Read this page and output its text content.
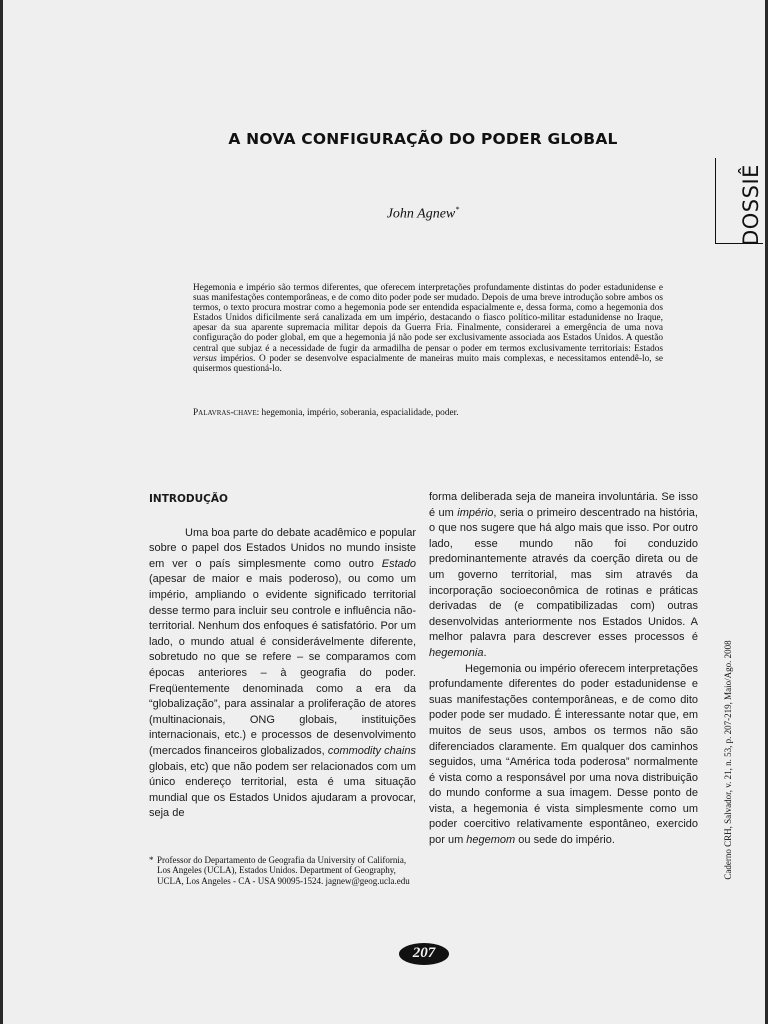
A NOVA CONFIGURAÇÃO DO PODER GLOBAL
John Agnew*	DOSSIÊ
Hegemonia e império são termos diferentes, que oferecem interpretações profundamente distintas do poder estadunidense e suas manifestações contemporâneas, e de como dito poder pode ser mudado. Depois de uma breve introdução sobre ambos os termos, o texto procura mostrar como a hegemonia pode ser entendida espacialmente e, dessa forma, como a hegemonia dos Estados Unidos dificilmente será canalizada em um império, destacando o fiasco político-militar estadunidense no Iraque, apesar da sua aparente supremacia militar depois da Guerra Fria. Finalmente, considerarei a emergência de uma nova configuração do poder global, em que a hegemonia já não pode ser exclusivamente associada aos Estados Unidos. A questão central que subjaz é a necessidade de fugir da armadilha de pensar o poder em termos exclusivamente territoriais: Estados versus impérios. O poder se desenvolve espacialmente de maneiras muito mais complexas, e necessitamos entendê-lo, se quisermos questioná-lo.
Palavras-chave: hegemonia, império, soberania, espacialidade, poder.
INTRODUÇÃO

Uma boa parte do debate acadêmico e popular sobre o papel dos Estados Unidos no mundo insiste em ver o país simplesmente como outro Estado (apesar de maior e mais poderoso), ou como um império, ampliando o evidente significado territorial desse termo para incluir seu controle e influência não-territorial. Nenhum dos enfoques é satisfatório. Por um lado, o mundo atual é considerávelmente diferente, sobretudo no que se refere – se comparamos com épocas anteriores – à geografia do poder. Freqüentemente denominada como a era da “globalização”, para assinalar a proliferação de atores (multinacionais, ONG globais, instituições internacionais, etc.) e processos de desenvolvimento (mercados financeiros globalizados, commodity chains globais, etc) que não podem ser relacionados com um único endereço territorial, esta é uma situação mundial que os Estados Unidos ajudaram a provocar, seja de

* Professor do Departamento de Geografia da University of California, Los Angeles (UCLA), Estados Unidos. Department of Geography, UCLA, Los Angeles - CA - USA 90095-1524. jagnew@geog.ucla.edu

forma deliberada seja de maneira involuntária. Se isso é um império, seria o primeiro descentrado na história, o que nos sugere que há algo mais que isso. Por outro lado, esse mundo não foi conduzido predominantemente através da coerção direta ou de um governo territorial, mas sim através da incorporação socioeconômica de rotinas e práticas derivadas de (e compatibilizadas com) outras desenvolvidas anteriormente nos Estados Unidos. A melhor palavra para descrever esses processos é hegemonia.

Hegemonia ou império oferecem interpretações profundamente diferentes do poder estadunidense e suas manifestações contemporâneas, e de como dito poder pode ser mudado. É interessante notar que, em muitos de seus usos, ambos os termos não são diferenciados claramente. Em qualquer dos caminhos seguidos, uma “América toda poderosa” normalmente é vista como a responsável por uma nova distribuição do mundo conforme a sua imagem. Desse ponto de vista, a hegemonia é vista simplesmente como um poder coercitivo relativamente espontâneo, exercido por um hegemom ou sede do império.	Caderno CRH, Salvador, v. 21, n. 53, p. 207-219, Maio/Ago. 2008
207
